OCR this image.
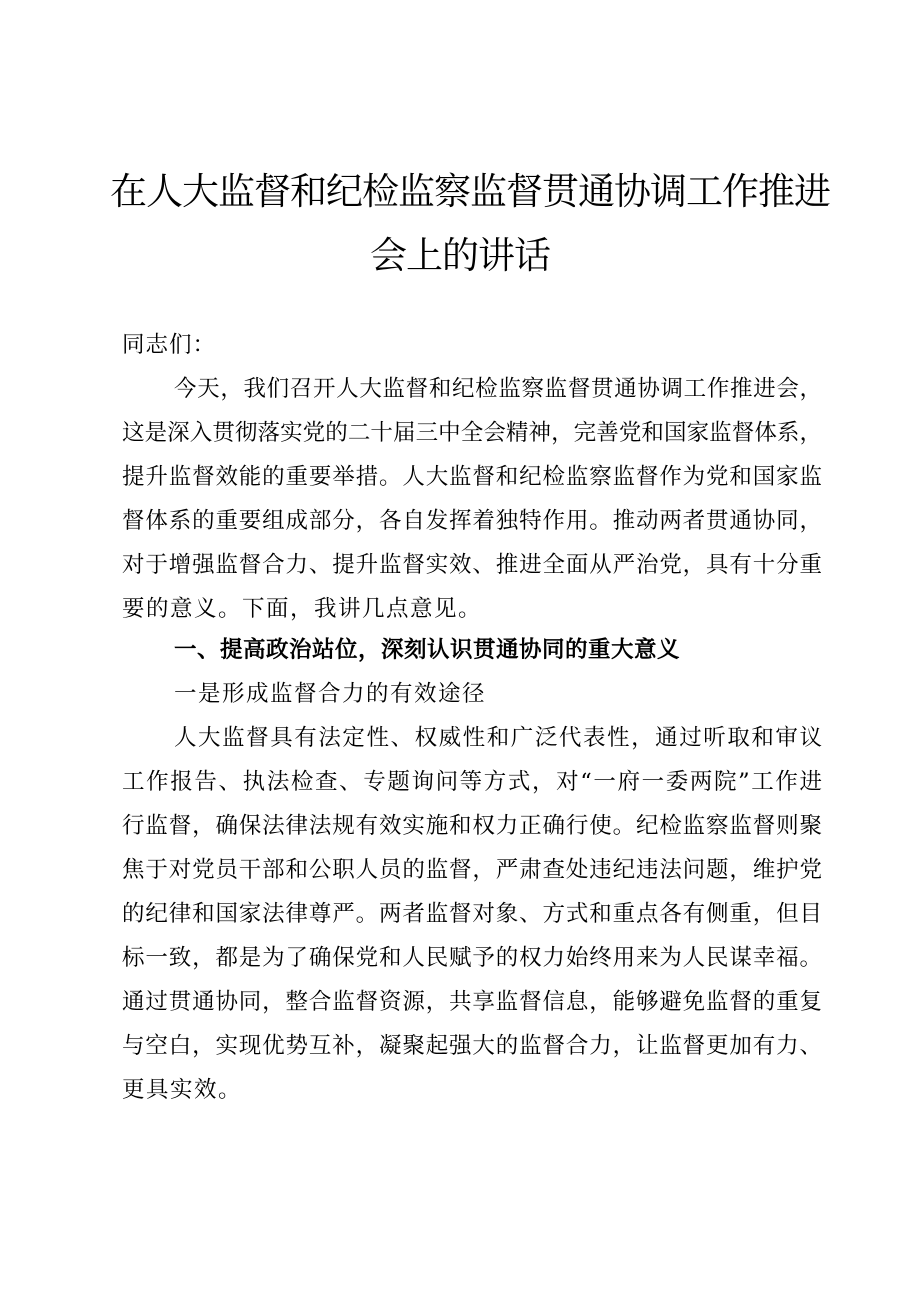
在人大监督和纪检监察监督贯通协调工作推进
会上的讲话
同志们：
今天，我们召开人大监督和纪检监察监督贯通协调工作推进会，
这是深入贯彻落实党的二十届三中全会精神，完善党和国家监督体系，
提升监督效能的重要举措。人大监督和纪检监察监督作为党和国家监
督体系的重要组成部分，各自发挥着独特作用。推动两者贯通协同，
对于增强监督合力、提升监督实效、推进全面从严治党，具有十分重
要的意义。下面，我讲几点意见。
一、提高政治站位，深刻认识贯通协同的重大意义
一是形成监督合力的有效途径
人大监督具有法定性、权威性和广泛代表性，通过听取和审议
工作报告、执法检查、专题询问等方式，对“一府一委两院”工作进
行监督，确保法律法规有效实施和权力正确行使。纪检监察监督则聚
焦于对党员干部和公职人员的监督，严肃查处违纪违法问题，维护党
的纪律和国家法律尊严。两者监督对象、方式和重点各有侧重，但目
标一致，都是为了确保党和人民赋予的权力始终用来为人民谋幸福。
通过贯通协同，整合监督资源，共享监督信息，能够避免监督的重复
与空白，实现优势互补，凝聚起强大的监督合力，让监督更加有力、
更具实效。
